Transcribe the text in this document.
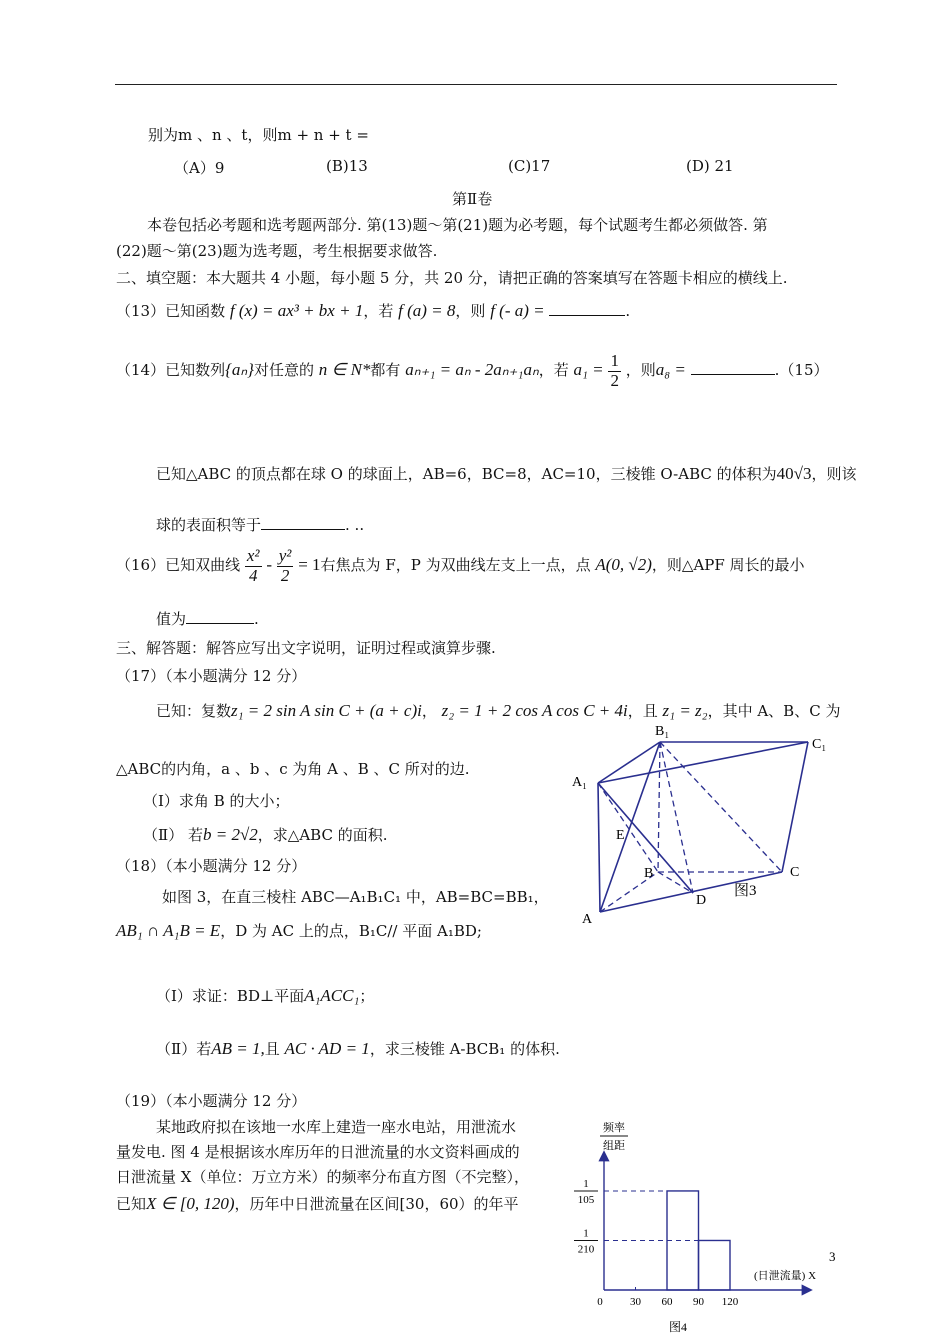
别为m 、n 、t，则m + n + t =
（A）9	(B)13	(C)17	(D) 21
第Ⅱ卷
本卷包括必考题和选考题两部分. 第(13)题～第(21)题为必考题，每个试题考生都必须做答. 第
(22)题～第(23)题为选考题，考生根据要求做答.
二、填空题：本大题共 4 小题，每小题 5 分，共 20 分，请把正确的答案填写在答题卡相应的横线上.
（13）已知函数 f (x) = ax³ + bx + 1，若 f (a) = 8，则 f (- a) =	.
（14）已知数列{aₙ}对任意的 n ∈ N*都有 aₙ₊₁ = aₙ - 2aₙ₊₁aₙ，若 $a_1 = \frac{1}{2}$ ，则a₈ =	.（15）
已知△ABC 的顶点都在球 O 的球面上，AB=6，BC=8，AC=10，三棱锥 O-ABC 的体积为40√3，则该
球的表面积等于	. ..
（16）已知双曲线 $\frac{\text{x²}}{4} - \frac{\text{y²}}{2} = 1$右焦点为 F，P 为双曲线左支上一点，点 A(0, √2)，则△APF 周长的最小
值为	.
三、解答题：解答应写出文字说明，证明过程或演算步骤.
（17）（本小题满分 12 分）
已知：复数z₁ = 2 sin A sin C + (a + c)i， z₂ = 1 + 2 cos A cos C + 4i，且 z₁ = z₂，其中 A、B、C 为
△ABC的内角，a 、b 、c 为角 A 、B 、C 所对的边.
（Ⅰ）求角 B 的大小；
（Ⅱ） 若b = 2√2，求△ABC 的面积.
（18）（本小题满分 12 分）
如图 3，在直三棱柱 ABC—A₁B₁C₁ 中，AB=BC=BB₁，
AB₁ ∩ A₁B = E，D 为 AC 上的点，B₁C// 平面 A₁BD;
（Ⅰ）求证：BD⊥平面A₁ACC₁；
（Ⅱ）若AB = 1,且 AC · AD = 1，求三棱锥 A-BCB₁ 的体积.
B₁
C₁
A₁
E
B	C
D
A
图3
（19）（本小题满分 12 分）
某地政府拟在该地一水库上建造一座水电站，用泄流水
量发电. 图 4 是根据该水库历年的日泄流量的水文资料画成的
日泄流量 X（单位：万立方米）的频率分布直方图（不完整），
已知X ∈ [0, 120)，历年中日泄流量在区间[30，60）的年平
频率
组距
0 30 60 90 120
1
105
1
210
(日泄流量) X
3
图4
